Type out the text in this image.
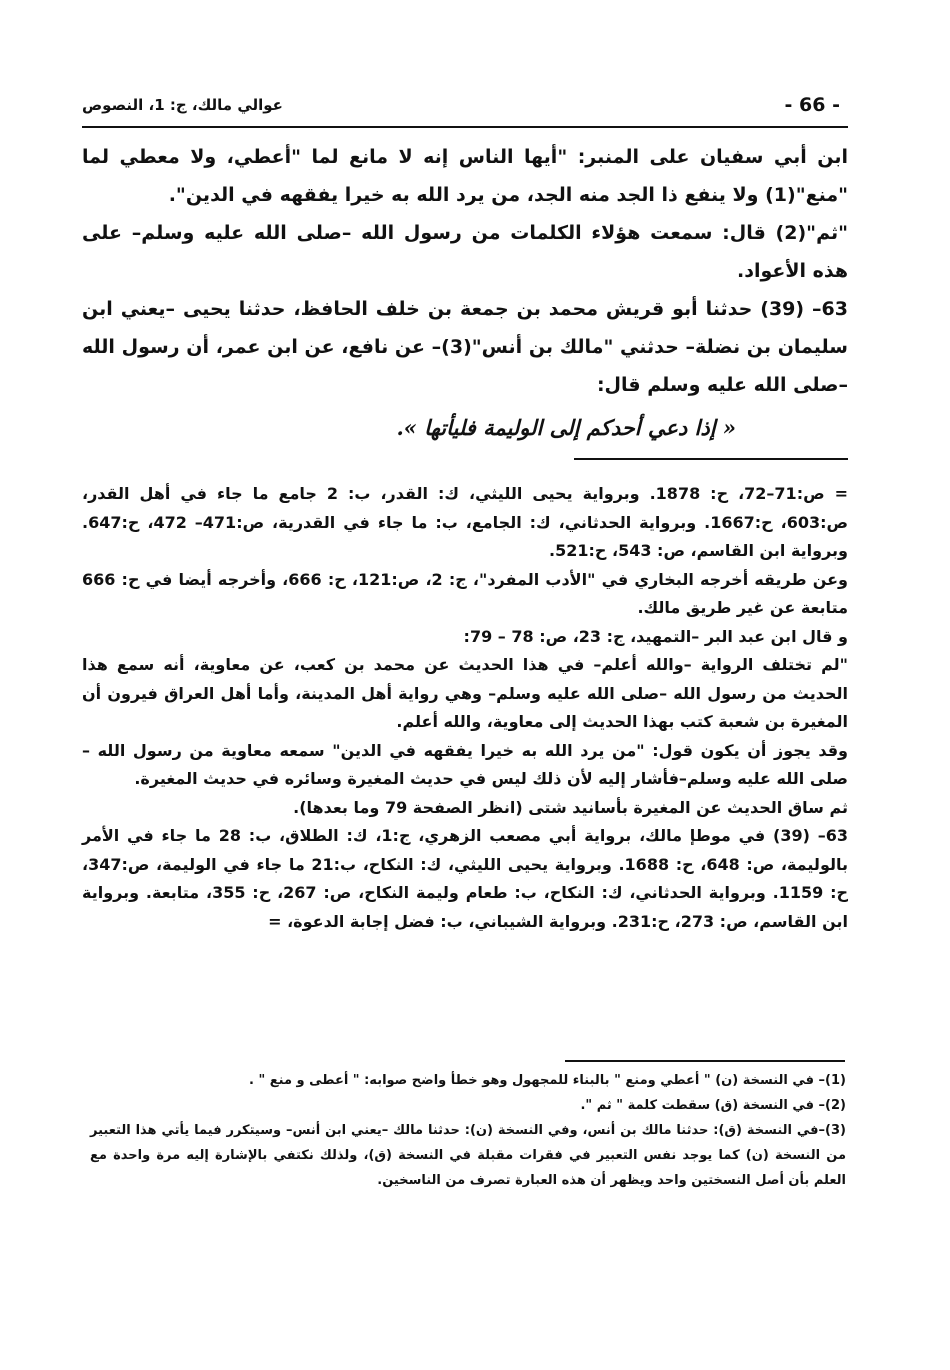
- 66 -
عوالي مالك، ج: 1، النصوص

ابن أبي سفيان على المنبر: "أيها الناس إنه لا مانع لما "أعطي، ولا معطي لما "منع"(1) ولا ينفع ذا الجد منه الجد، من يرد الله به خيرا يفقهه في الدين".

"ثم"(2) قال: سمعت هؤلاء الكلمات من رسول الله –صلى الله عليه وسلم– على هذه الأعواد.

63– (39) حدثنا أبو قريش محمد بن جمعة بن خلف الحافظ، حدثنا يحيى –يعني ابن سليمان بن نضلة– حدثني "مالك بن أنس"(3)– عن نافع، عن ابن عمر، أن رسول الله –صلى الله عليه وسلم قال:

« إذا دعي أحدكم إلى الوليمة فليأتها ».

= ص:71–72، ح: 1878. وبرواية يحيى الليثي، ك: القدر، ب: 2 جامع ما جاء في أهل القدر، ص:603، ح:1667. وبرواية الحدثاني، ك: الجامع، ب: ما جاء في القدرية، ص:471– 472، ح:647. وبرواية ابن القاسم، ص: 543، ح:521.

وعن طريقه أخرجه البخاري في "الأدب المفرد"، ج: 2، ص:121، ح: 666، وأخرجه أيضا في ح: 666 متابعة عن غير طريق مالك.

و قال ابن عبد البر –التمهيد، ج: 23، ص: 78 – 79:

"لم تختلف الرواية –والله أعلم– في هذا الحديث عن محمد بن كعب، عن معاوية، أنه سمع هذا الحديث من رسول الله –صلى الله عليه وسلم– وهي رواية أهل المدينة، وأما أهل العراق فيرون أن المغيرة بن شعبة كتب بهذا الحديث إلى معاوية، والله أعلم.

وقد يجوز أن يكون قول: "من يرد الله به خيرا يفقهه في الدين" سمعه معاوية من رسول الله –صلى الله عليه وسلم–فأشار إليه لأن ذلك ليس في حديث المغيرة وسائره في حديث المغيرة.

ثم ساق الحديث عن المغيرة بأسانيد شتى (انظر الصفحة 79 وما بعدها).

63– (39) في موطإ مالك، برواية أبي مصعب الزهري، ج:1، ك: الطلاق، ب: 28 ما جاء في الأمر بالوليمة، ص: 648، ح: 1688. وبرواية يحيى الليثي، ك: النكاح، ب:21 ما جاء في الوليمة، ص:347، ح: 1159. وبرواية الحدثاني، ك: النكاح، ب: طعام وليمة النكاح، ص: 267، ح: 355، متابعة. وبرواية ابن القاسم، ص: 273، ح:231. وبرواية الشيباني، ب: فضل إجابة الدعوة، =

(1)– في النسخة (ن) " أعطي ومنع " بالبناء للمجهول وهو خطأ واضح صوابه: " أعطى و منع " .

(2)– في النسخة (ق) سقطت كلمة " ثم ".

(3)–في النسخة (ق): حدثنا مالك بن أنس، وفي النسخة (ن): حدثنا مالك –يعني ابن أنس– وسيتكرر فيما يأتي هذا التعبير من النسخة (ن) كما يوجد نفس التعبير في فقرات مقبلة في النسخة (ق)، ولذلك نكتفي بالإشارة إليه مرة واحدة مع العلم بأن أصل النسختين واحد ويظهر أن هذه العبارة تصرف من الناسخين.
